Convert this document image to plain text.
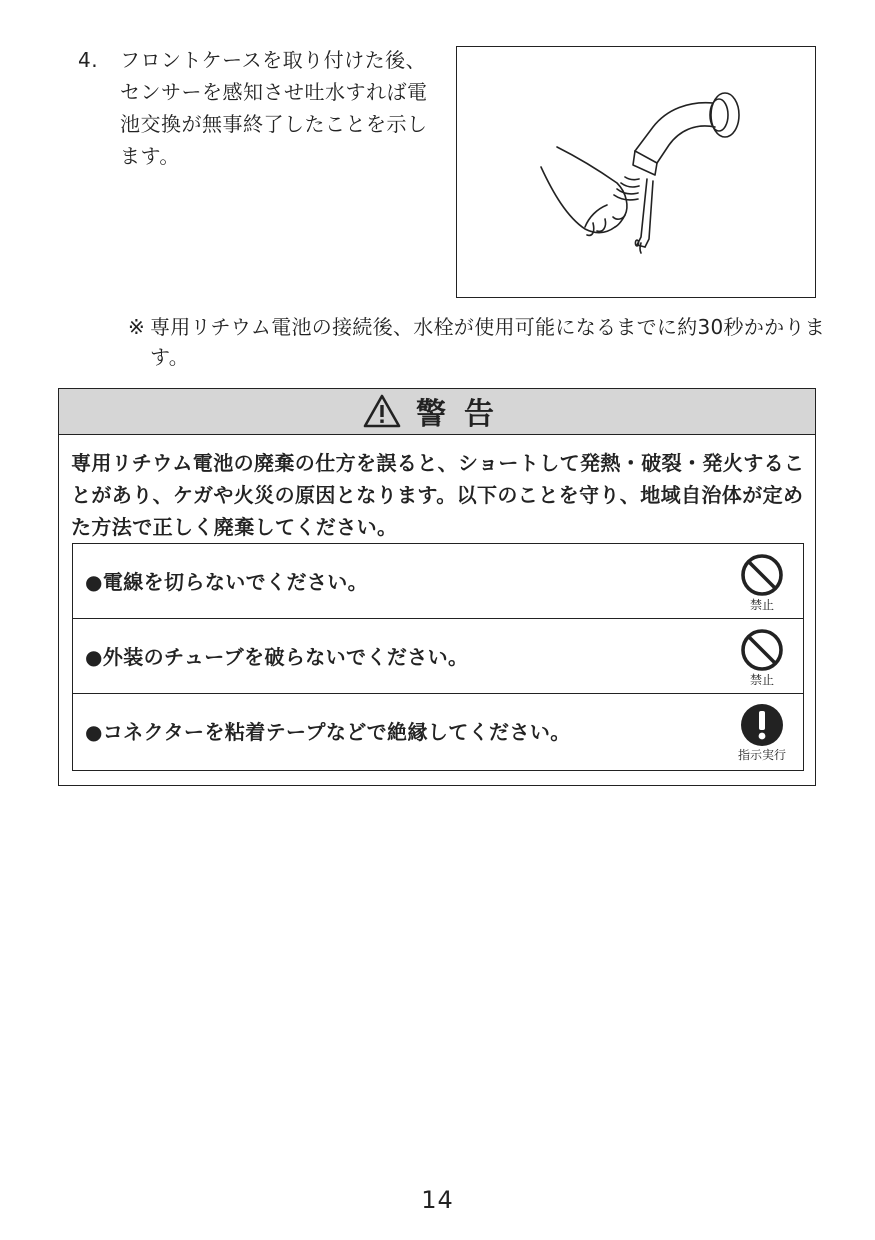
4. フロントケースを取り付けた後、センサーを感知させ吐水すれば電池交換が無事終了したことを示します。
※ 専用リチウム電池の接続後、水栓が使用可能になるまでに約30秒かかります。
警告
専用リチウム電池の廃棄の仕方を誤ると、ショートして発熱・破裂・発火することがあり、ケガや火災の原因となります。以下のことを守り、地域自治体が定めた方法で正しく廃棄してください。
●電線を切らないでください。
禁止
●外装のチューブを破らないでください。
禁止
●コネクターを粘着テープなどで絶縁してください。
指示実行
14
